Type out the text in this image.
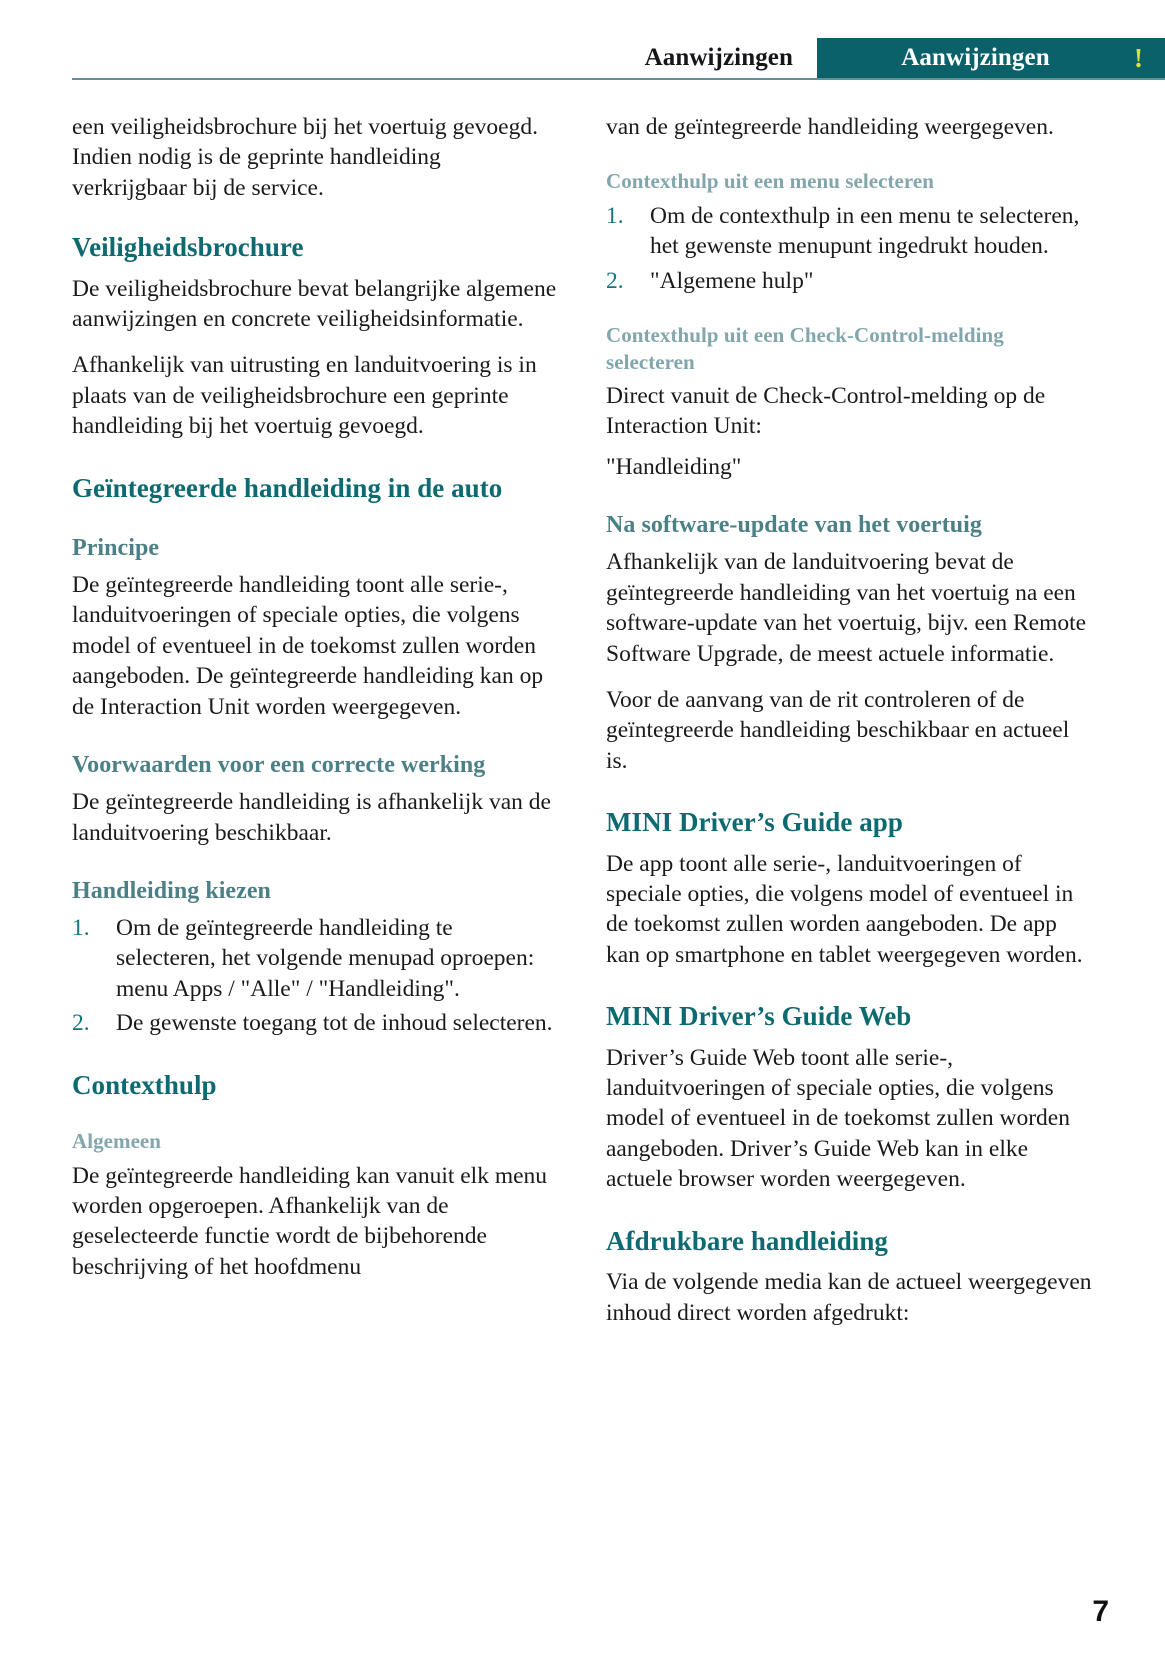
Aanwijzingen	Aanwijzingen	!

een veiligheidsbrochure bij het voertuig gevoegd. Indien nodig is de geprinte handleiding verkrijgbaar bij de service.

Veiligheidsbrochure

De veiligheidsbrochure bevat belangrijke algemene aanwijzingen en concrete veiligheidsinformatie.

Afhankelijk van uitrusting en landuitvoering is in plaats van de veiligheidsbrochure een geprinte handleiding bij het voertuig gevoegd.

Geïntegreerde handleiding in de auto
Principe

De geïntegreerde handleiding toont alle serie-, landuitvoeringen of speciale opties, die volgens model of eventueel in de toekomst zullen worden aangeboden. De geïntegreerde handleiding kan op de Interaction Unit worden weergegeven.

Voorwaarden voor een correcte werking

De geïntegreerde handleiding is afhankelijk van de landuitvoering beschikbaar.

Handleiding kiezen
1.	Om de geïntegreerde handleiding te selecteren, het volgende menupad oproepen: menu Apps / "Alle" / "Handleiding".
2.	De gewenste toegang tot de inhoud selecteren.
Contexthulp
Algemeen

De geïntegreerde handleiding kan vanuit elk menu worden opgeroepen. Afhankelijk van de geselecteerde functie wordt de bijbehorende beschrijving of het hoofdmenu

van de geïntegreerde handleiding weergegeven.

Contexthulp uit een menu selecteren
1.	Om de contexthulp in een menu te selecteren, het gewenste menupunt ingedrukt houden.
2.	"Algemene hulp"
Contexthulp uit een Check-Control-melding selecteren

Direct vanuit de Check-Control-melding op de Interaction Unit:

"Handleiding"

Na software-update van het voertuig

Afhankelijk van de landuitvoering bevat de geïntegreerde handleiding van het voertuig na een software-update van het voertuig, bijv. een Remote Software Upgrade, de meest actuele informatie.

Voor de aanvang van de rit controleren of de geïntegreerde handleiding beschikbaar en actueel is.

MINI Driver’s Guide app

De app toont alle serie-, landuitvoeringen of speciale opties, die volgens model of eventueel in de toekomst zullen worden aangeboden. De app kan op smartphone en tablet weergegeven worden.

MINI Driver’s Guide Web

Driver’s Guide Web toont alle serie-, landuitvoeringen of speciale opties, die volgens model of eventueel in de toekomst zullen worden aangeboden. Driver’s Guide Web kan in elke actuele browser worden weergegeven.

Afdrukbare handleiding

Via de volgende media kan de actueel weergegeven inhoud direct worden afgedrukt:

7
